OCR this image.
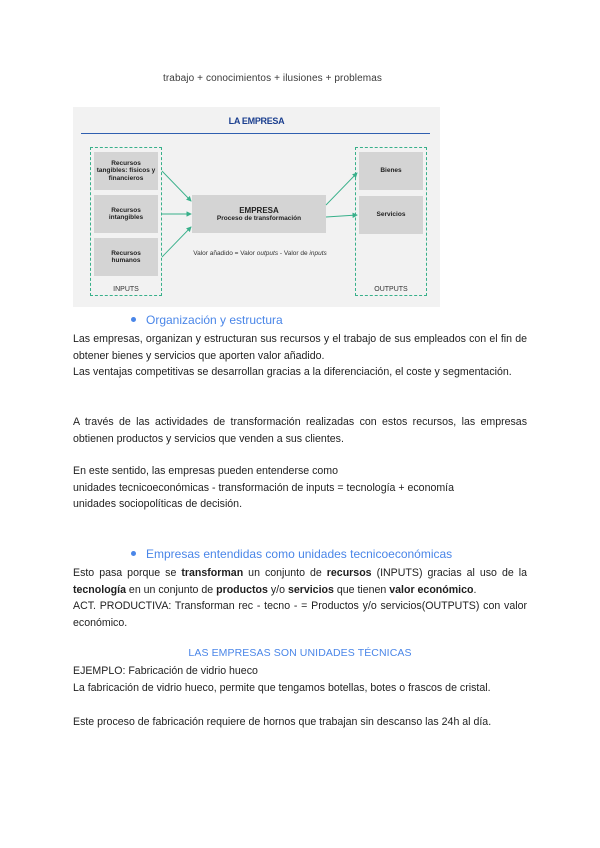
trabajo + conocimientos + ilusiones + problemas
LA EMPRESA
INPUTS	OUTPUTS
Recursos tangibles: físicos y financieros
Recursos intangibles
Recursos humanos
EMPRESA
Proceso de transformación
Valor añadido = Valor outputs - Valor de inputs
Bienes
Servicios
Organización y estructura
Las empresas, organizan y estructuran sus recursos y el trabajo de sus empleados con el fin de obtener bienes y servicios que aporten valor añadido.
Las ventajas competitivas se desarrollan gracias a la diferenciación, el coste y segmentación.
A través de las actividades de transformación realizadas con estos recursos, las empresas obtienen productos y servicios que venden a sus clientes.
En este sentido, las empresas pueden entenderse como
unidades tecnicoeconómicas - transformación de inputs = tecnología + economía
unidades sociopolíticas de decisión.
Empresas entendidas como unidades tecnicoeconómicas
Esto pasa porque se transforman un conjunto de recursos (INPUTS) gracias al uso de la tecnología en un conjunto de productos y/o servicios que tienen valor económico.
ACT. PRODUCTIVA: Transforman rec - tecno - = Productos y/o servicios(OUTPUTS) con valor económico.
LAS EMPRESAS SON UNIDADES TÉCNICAS
EJEMPLO: Fabricación de vidrio hueco
La fabricación de vidrio hueco, permite que tengamos botellas, botes o frascos de cristal.
Este proceso de fabricación requiere de hornos que trabajan sin descanso las 24h al día.
